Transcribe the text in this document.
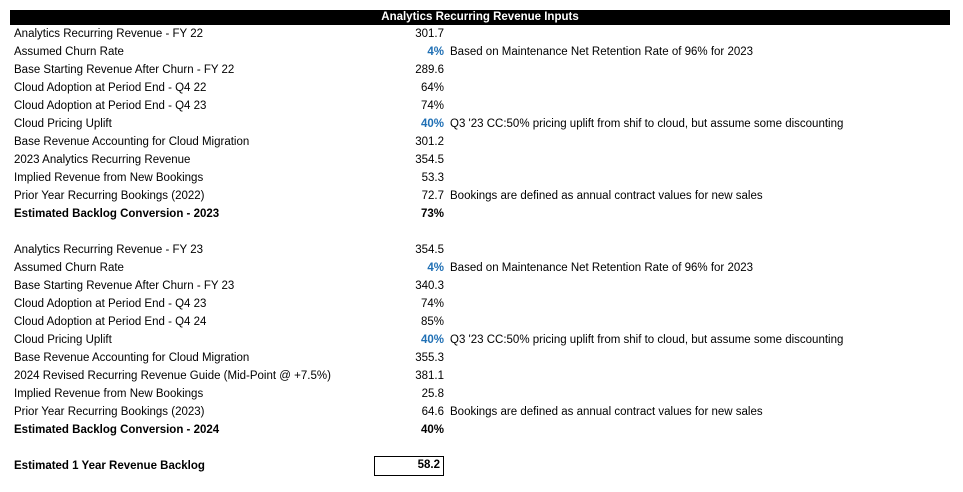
Analytics Recurring Revenue Inputs
Analytics Recurring Revenue - FY 22	301.7
Assumed Churn Rate	4% Based on Maintenance Net Retention Rate of 96% for 2023
Base Starting Revenue After Churn - FY 22	289.6
Cloud Adoption at Period End - Q4 22	64%
Cloud Adoption at Period End - Q4 23	74%
Cloud Pricing Uplift	40% Q3 '23 CC:50% pricing uplift from shif to cloud, but assume some discounting
Base Revenue Accounting for Cloud Migration	301.2
2023 Analytics Recurring Revenue	354.5
Implied Revenue from New Bookings	53.3
Prior Year Recurring Bookings (2022)	72.7 Bookings are defined as annual contract values for new sales
Estimated Backlog Conversion - 2023	73%
Analytics Recurring Revenue - FY 23	354.5
Assumed Churn Rate	4% Based on Maintenance Net Retention Rate of 96% for 2023
Base Starting Revenue After Churn - FY 23	340.3
Cloud Adoption at Period End - Q4 23	74%
Cloud Adoption at Period End - Q4 24	85%
Cloud Pricing Uplift	40% Q3 '23 CC:50% pricing uplift from shif to cloud, but assume some discounting
Base Revenue Accounting for Cloud Migration	355.3
2024 Revised Recurring Revenue Guide (Mid-Point @ +7.5%)	381.1
Implied Revenue from New Bookings	25.8
Prior Year Recurring Bookings (2023)	64.6 Bookings are defined as annual contract values for new sales
Estimated Backlog Conversion - 2024	40%
Estimated 1 Year Revenue Backlog	58.2
